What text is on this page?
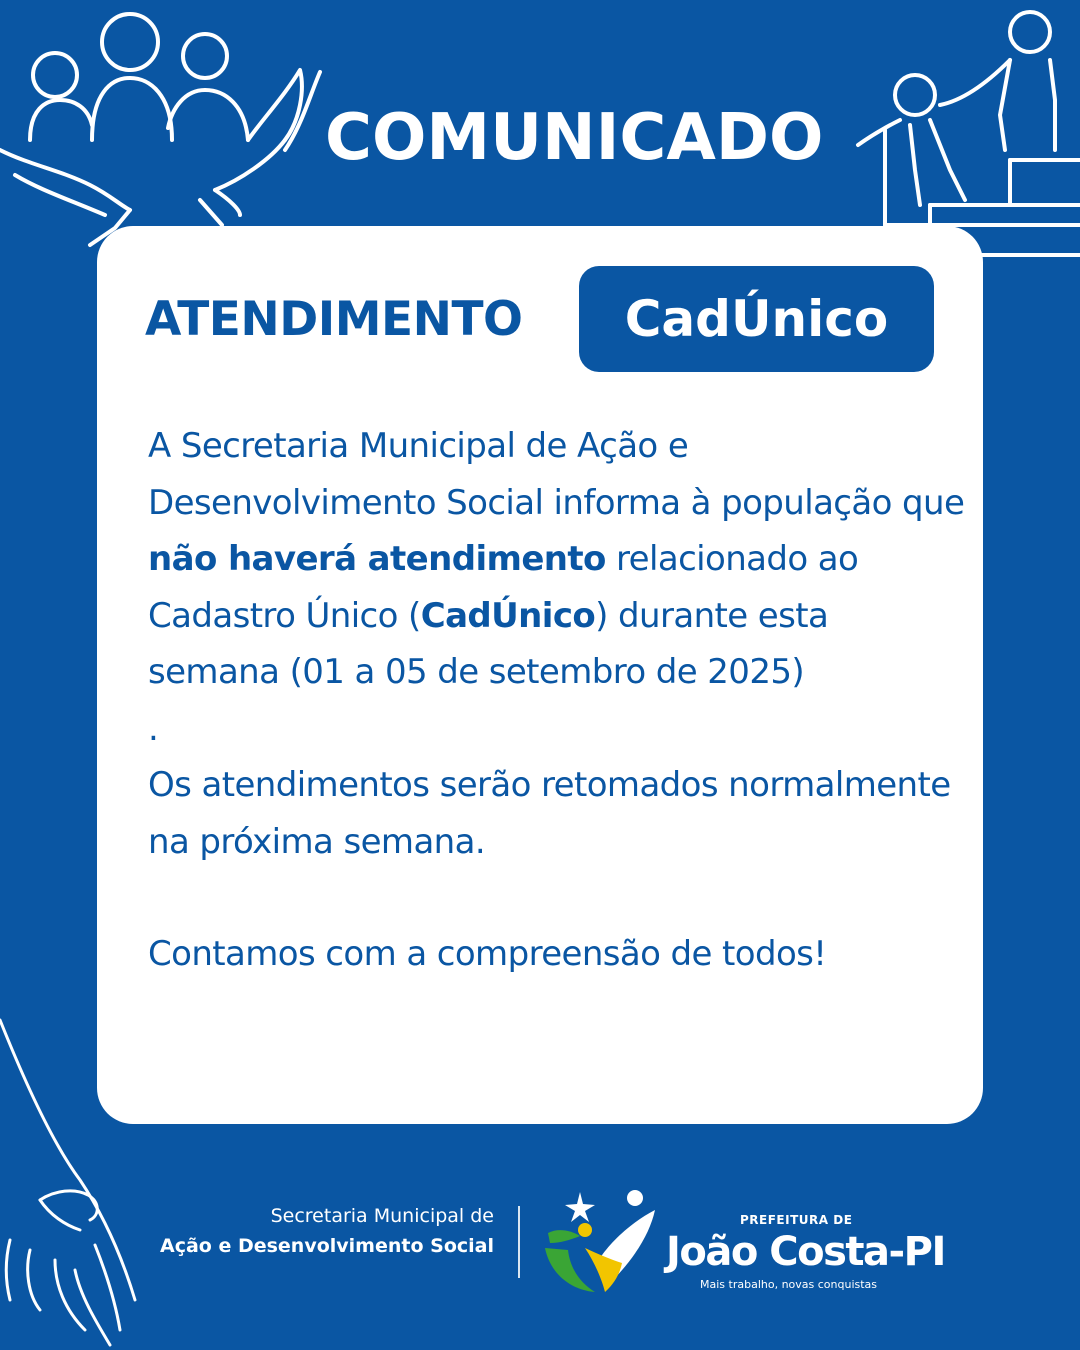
COMUNICADO
ATENDIMENTO CadÚnico

A Secretaria Municipal de Ação e Desenvolvimento Social informa à população que não haverá atendimento relacionado ao Cadastro Único (CadÚnico) durante esta semana (01 a 05 de setembro de 2025)

.

Os atendimentos serão retomados normalmente na próxima semana.

Contamos com a compreensão de todos!

Secretaria Municipal de
Ação e Desenvolvimento Social
PREFEITURA DE
João Costa-PI
Mais trabalho, novas conquistas
